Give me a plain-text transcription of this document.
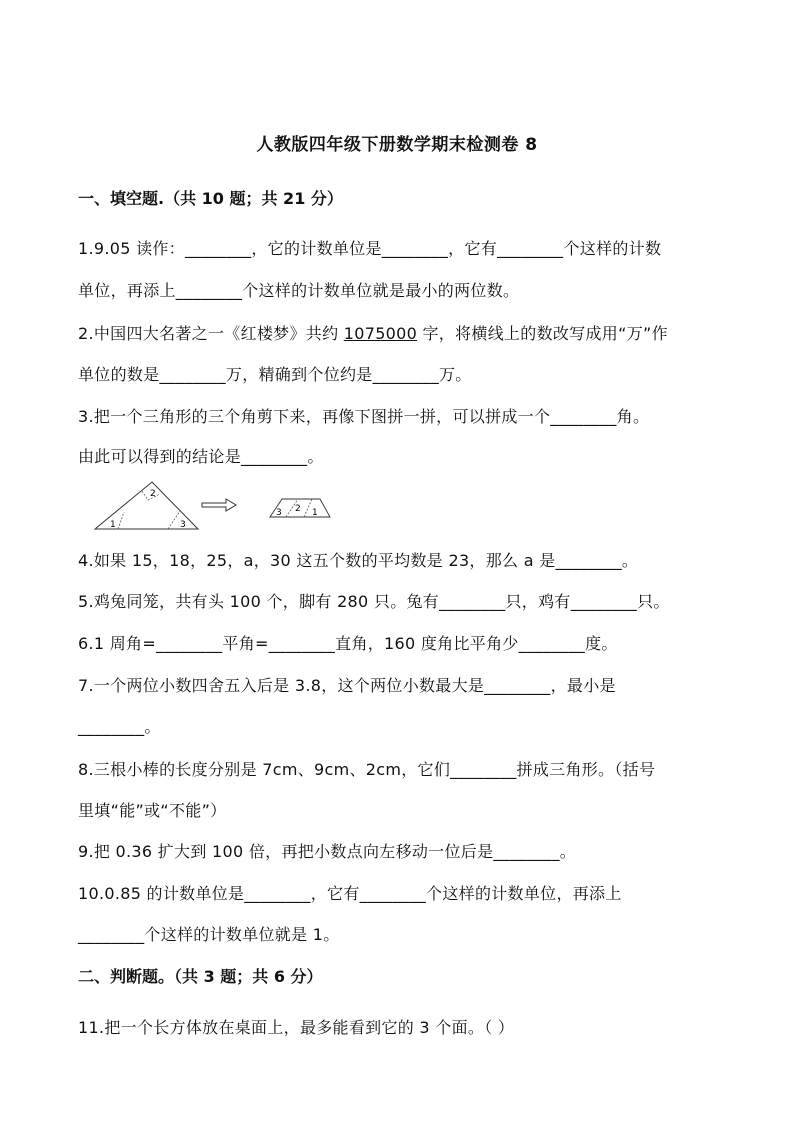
人教版四年级下册数学期末检测卷 8
一、填空题.（共 10 题；共 21 分）
1.9.05 读作：________，它的计数单位是________，它有________个这样的计数
单位，再添上________个这样的计数单位就是最小的两位数。
2.中国四大名著之一《红楼梦》共约 1075000 字，将横线上的数改写成用“万”作
单位的数是________万，精确到个位约是________万。
3.把一个三角形的三个角剪下来，再像下图拼一拼，可以拼成一个________角。
由此可以得到的结论是________。
2
1	3
3 2 1
4.如果 15，18，25，a，30 这五个数的平均数是 23，那么 a 是________。
5.鸡兔同笼，共有头 100 个，脚有 280 只。兔有________只，鸡有________只。
6.1 周角=________平角=________直角，160 度角比平角少________度。
7.一个两位小数四舍五入后是 3.8，这个两位小数最大是________，最小是
________。
8.三根小棒的长度分别是 7cm、9cm、2cm，它们________拼成三角形。（括号
里填“能”或“不能”）
9.把 0.36 扩大到 100 倍，再把小数点向左移动一位后是________。
10.0.85 的计数单位是________，它有________个这样的计数单位，再添上
________个这样的计数单位就是 1。
二、判断题。（共 3 题；共 6 分）
11.把一个长方体放在桌面上，最多能看到它的 3 个面。（ ）
